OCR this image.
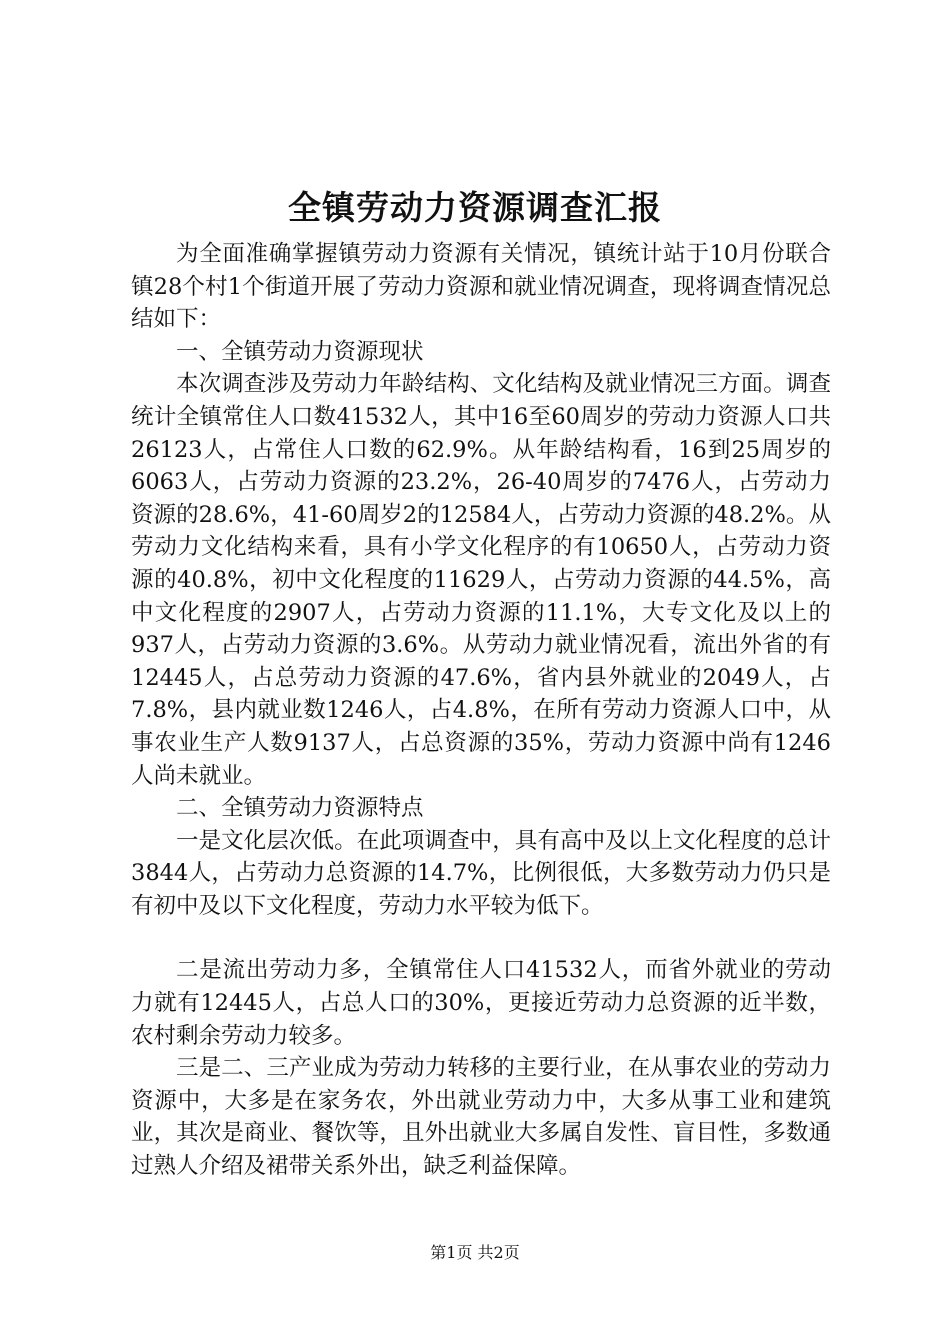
全镇劳动力资源调查汇报

为全面准确掌握镇劳动力资源有关情况，镇统计站于10月份联合镇28个村1个街道开展了劳动力资源和就业情况调查，现将调查情况总结如下：

一、全镇劳动力资源现状

本次调查涉及劳动力年龄结构、文化结构及就业情况三方面。调查统计全镇常住人口数41532人，其中16至60周岁的劳动力资源人口共26123人，占常住人口数的62.9%。从年龄结构看，16到25周岁的6063人，占劳动力资源的23.2%，26-40周岁的7476人，占劳动力资源的28.6%，41-60周岁2的12584人，占劳动力资源的48.2%。从劳动力文化结构来看，具有小学文化程序的有10650人，占劳动力资源的40.8%，初中文化程度的11629人，占劳动力资源的44.5%，高中文化程度的2907人，占劳动力资源的11.1%，大专文化及以上的937人，占劳动力资源的3.6%。从劳动力就业情况看，流出外省的有12445人，占总劳动力资源的47.6%，省内县外就业的2049人，占7.8%，县内就业数1246人，占4.8%，在所有劳动力资源人口中，从事农业生产人数9137人，占总资源的35%，劳动力资源中尚有1246人尚未就业。

二、全镇劳动力资源特点

一是文化层次低。在此项调查中，具有高中及以上文化程度的总计3844人，占劳动力总资源的14.7%，比例很低，大多数劳动力仍只是有初中及以下文化程度，劳动力水平较为低下。

二是流出劳动力多，全镇常住人口41532人，而省外就业的劳动力就有12445人，占总人口的30%，更接近劳动力总资源的近半数，农村剩余劳动力较多。

三是二、三产业成为劳动力转移的主要行业，在从事农业的劳动力资源中，大多是在家务农，外出就业劳动力中，大多从事工业和建筑业，其次是商业、餐饮等，且外出就业大多属自发性、盲目性，多数通过熟人介绍及裙带关系外出，缺乏利益保障。

第1页 共2页
